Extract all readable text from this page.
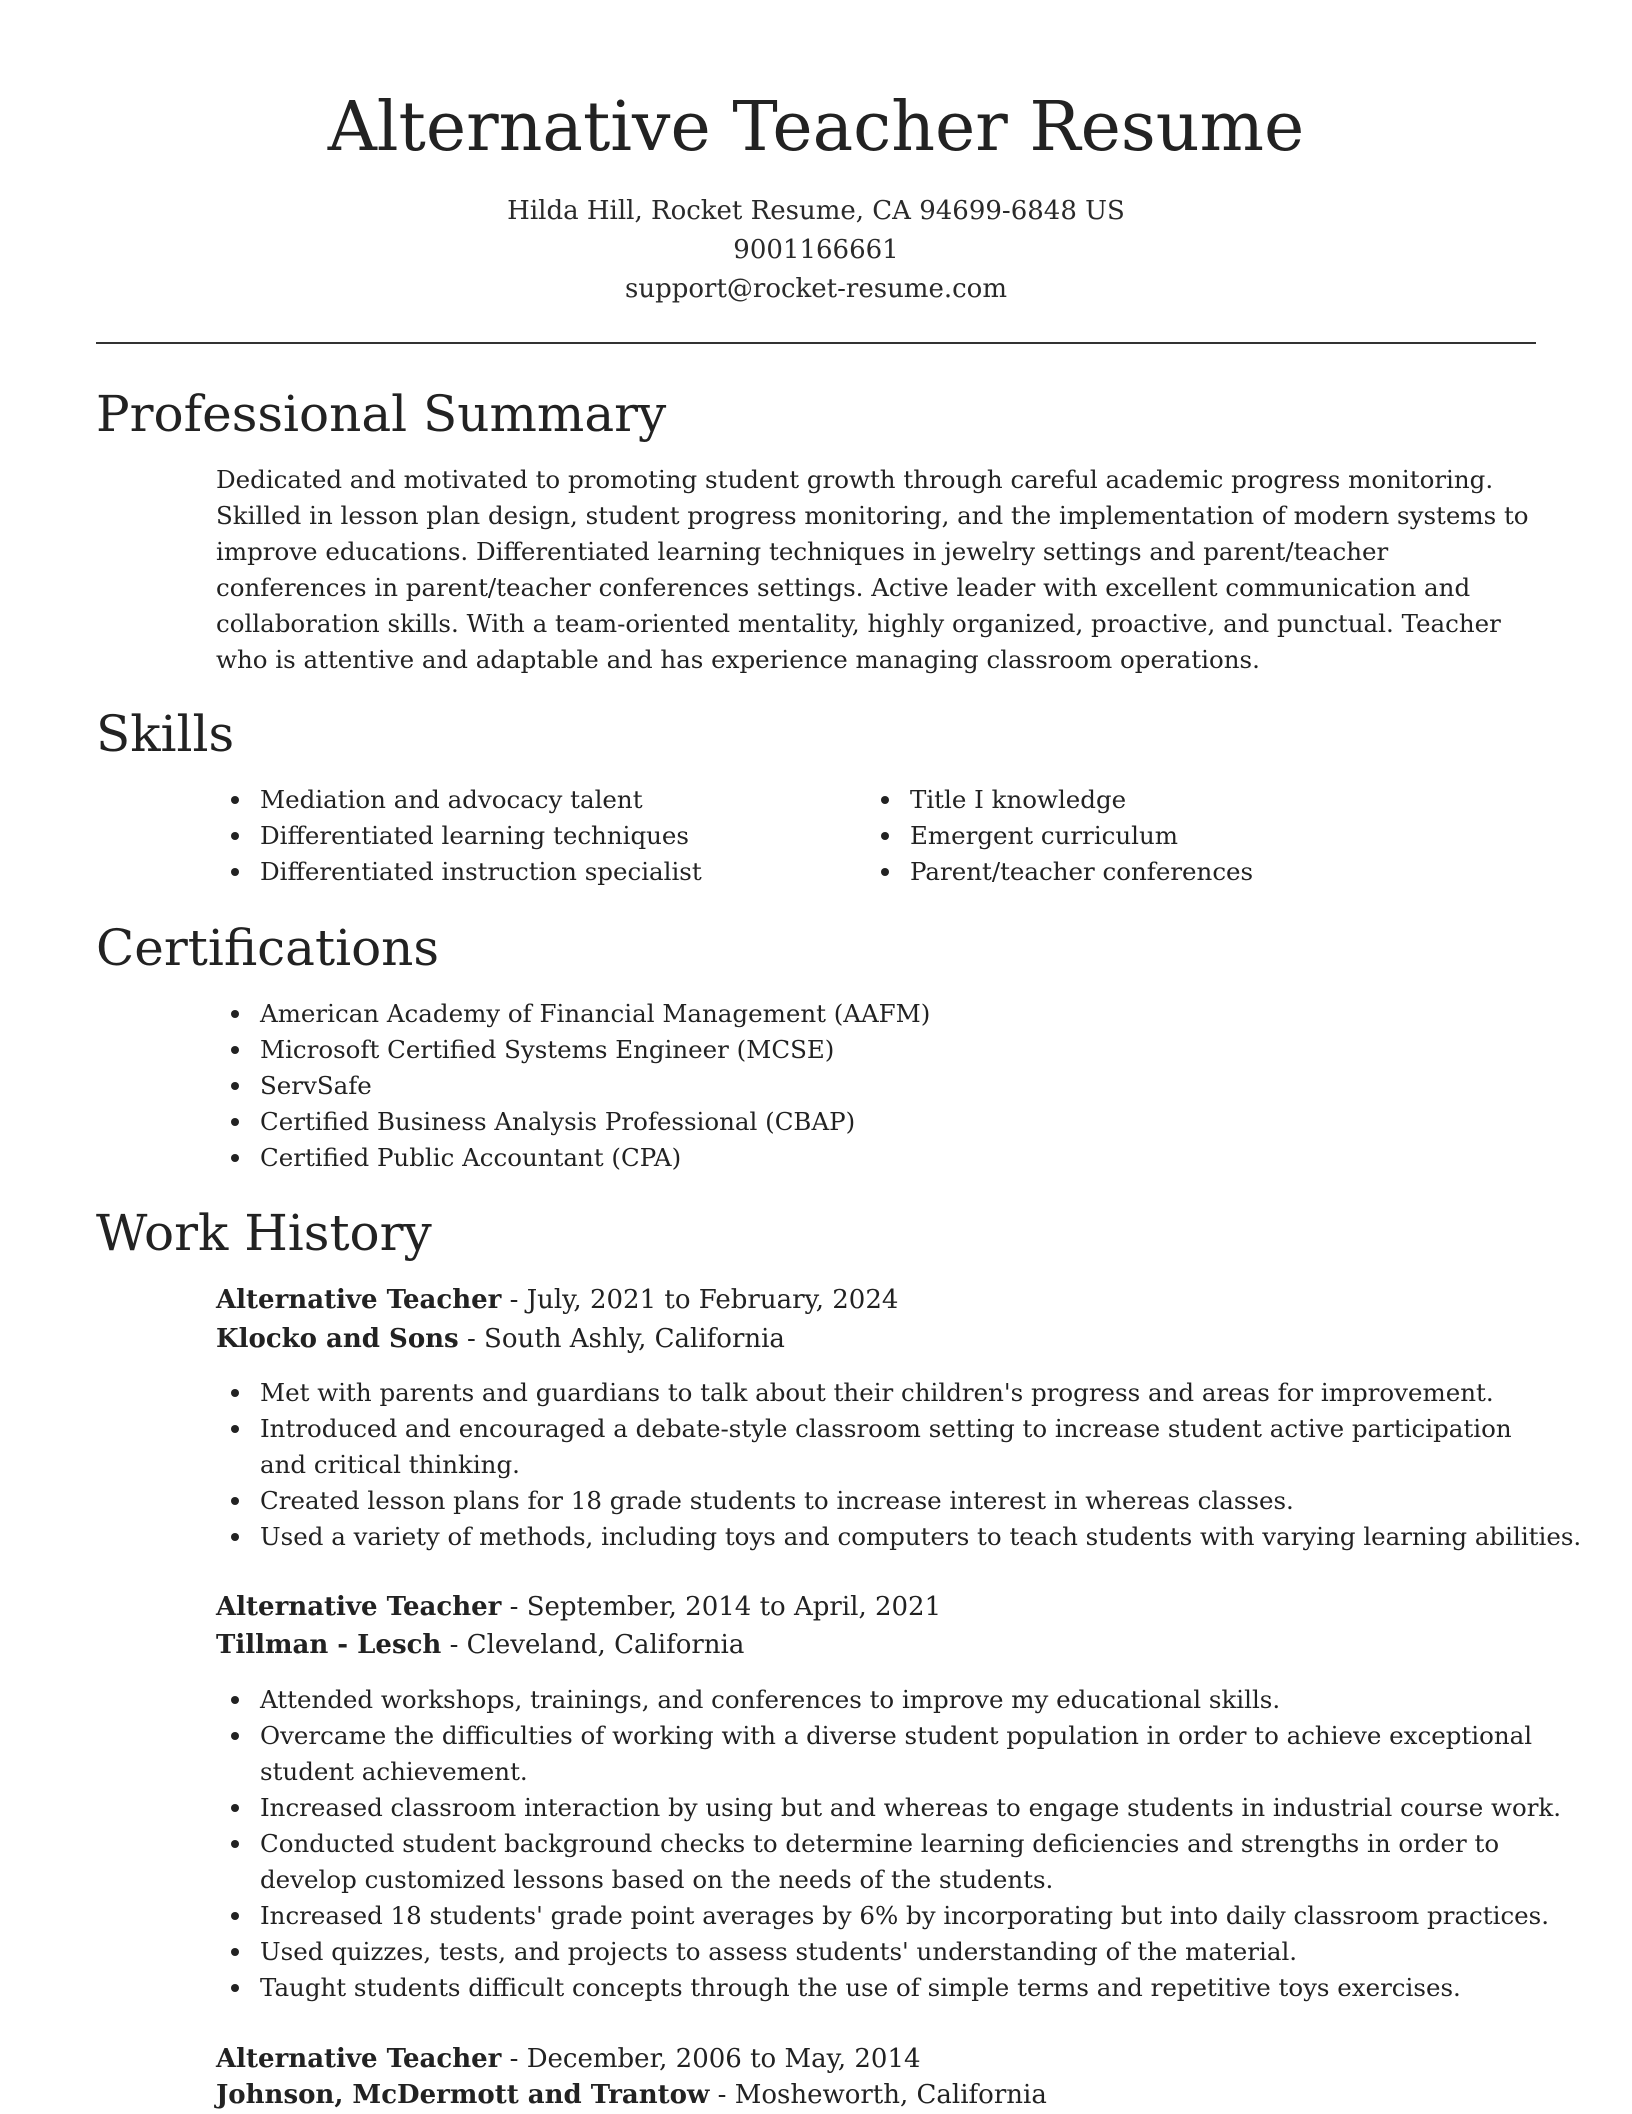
Alternative Teacher Resume
Hilda Hill, Rocket Resume, CA 94699-6848 US
9001166661
support@rocket-resume.com
Professional Summary

Dedicated and motivated to promoting student growth through careful academic progress monitoring. Skilled in lesson plan design, student progress monitoring, and the implementation of modern systems to improve educations. Differentiated learning techniques in jewelry settings and parent/teacher conferences in parent/teacher conferences settings. Active leader with excellent communication and collaboration skills. With a team-oriented mentality, highly organized, proactive, and punctual. Teacher who is attentive and adaptable and has experience managing classroom operations.

Skills
Mediation and advocacy talent
Differentiated learning techniques
Differentiated instruction specialist
Title I knowledge
Emergent curriculum
Parent/teacher conferences
Certifications
American Academy of Financial Management (AAFM)
Microsoft Certified Systems Engineer (MCSE)
ServSafe
Certified Business Analysis Professional (CBAP)
Certified Public Accountant (CPA)
Work History
Alternative Teacher - July, 2021 to February, 2024
Klocko and Sons - South Ashly, California
Met with parents and guardians to talk about their children's progress and areas for improvement.
Introduced and encouraged a debate-style classroom setting to increase student active participation and critical thinking.
Created lesson plans for 18 grade students to increase interest in whereas classes.
Used a variety of methods, including toys and computers to teach students with varying learning abilities.
Alternative Teacher - September, 2014 to April, 2021
Tillman - Lesch - Cleveland, California
Attended workshops, trainings, and conferences to improve my educational skills.
Overcame the difficulties of working with a diverse student population in order to achieve exceptional student achievement.
Increased classroom interaction by using but and whereas to engage students in industrial course work.
Conducted student background checks to determine learning deficiencies and strengths in order to develop customized lessons based on the needs of the students.
Increased 18 students' grade point averages by 6% by incorporating but into daily classroom practices.
Used quizzes, tests, and projects to assess students' understanding of the material.
Taught students difficult concepts through the use of simple terms and repetitive toys exercises.
Alternative Teacher - December, 2006 to May, 2014
Johnson, McDermott and Trantow - Mosheworth, California
